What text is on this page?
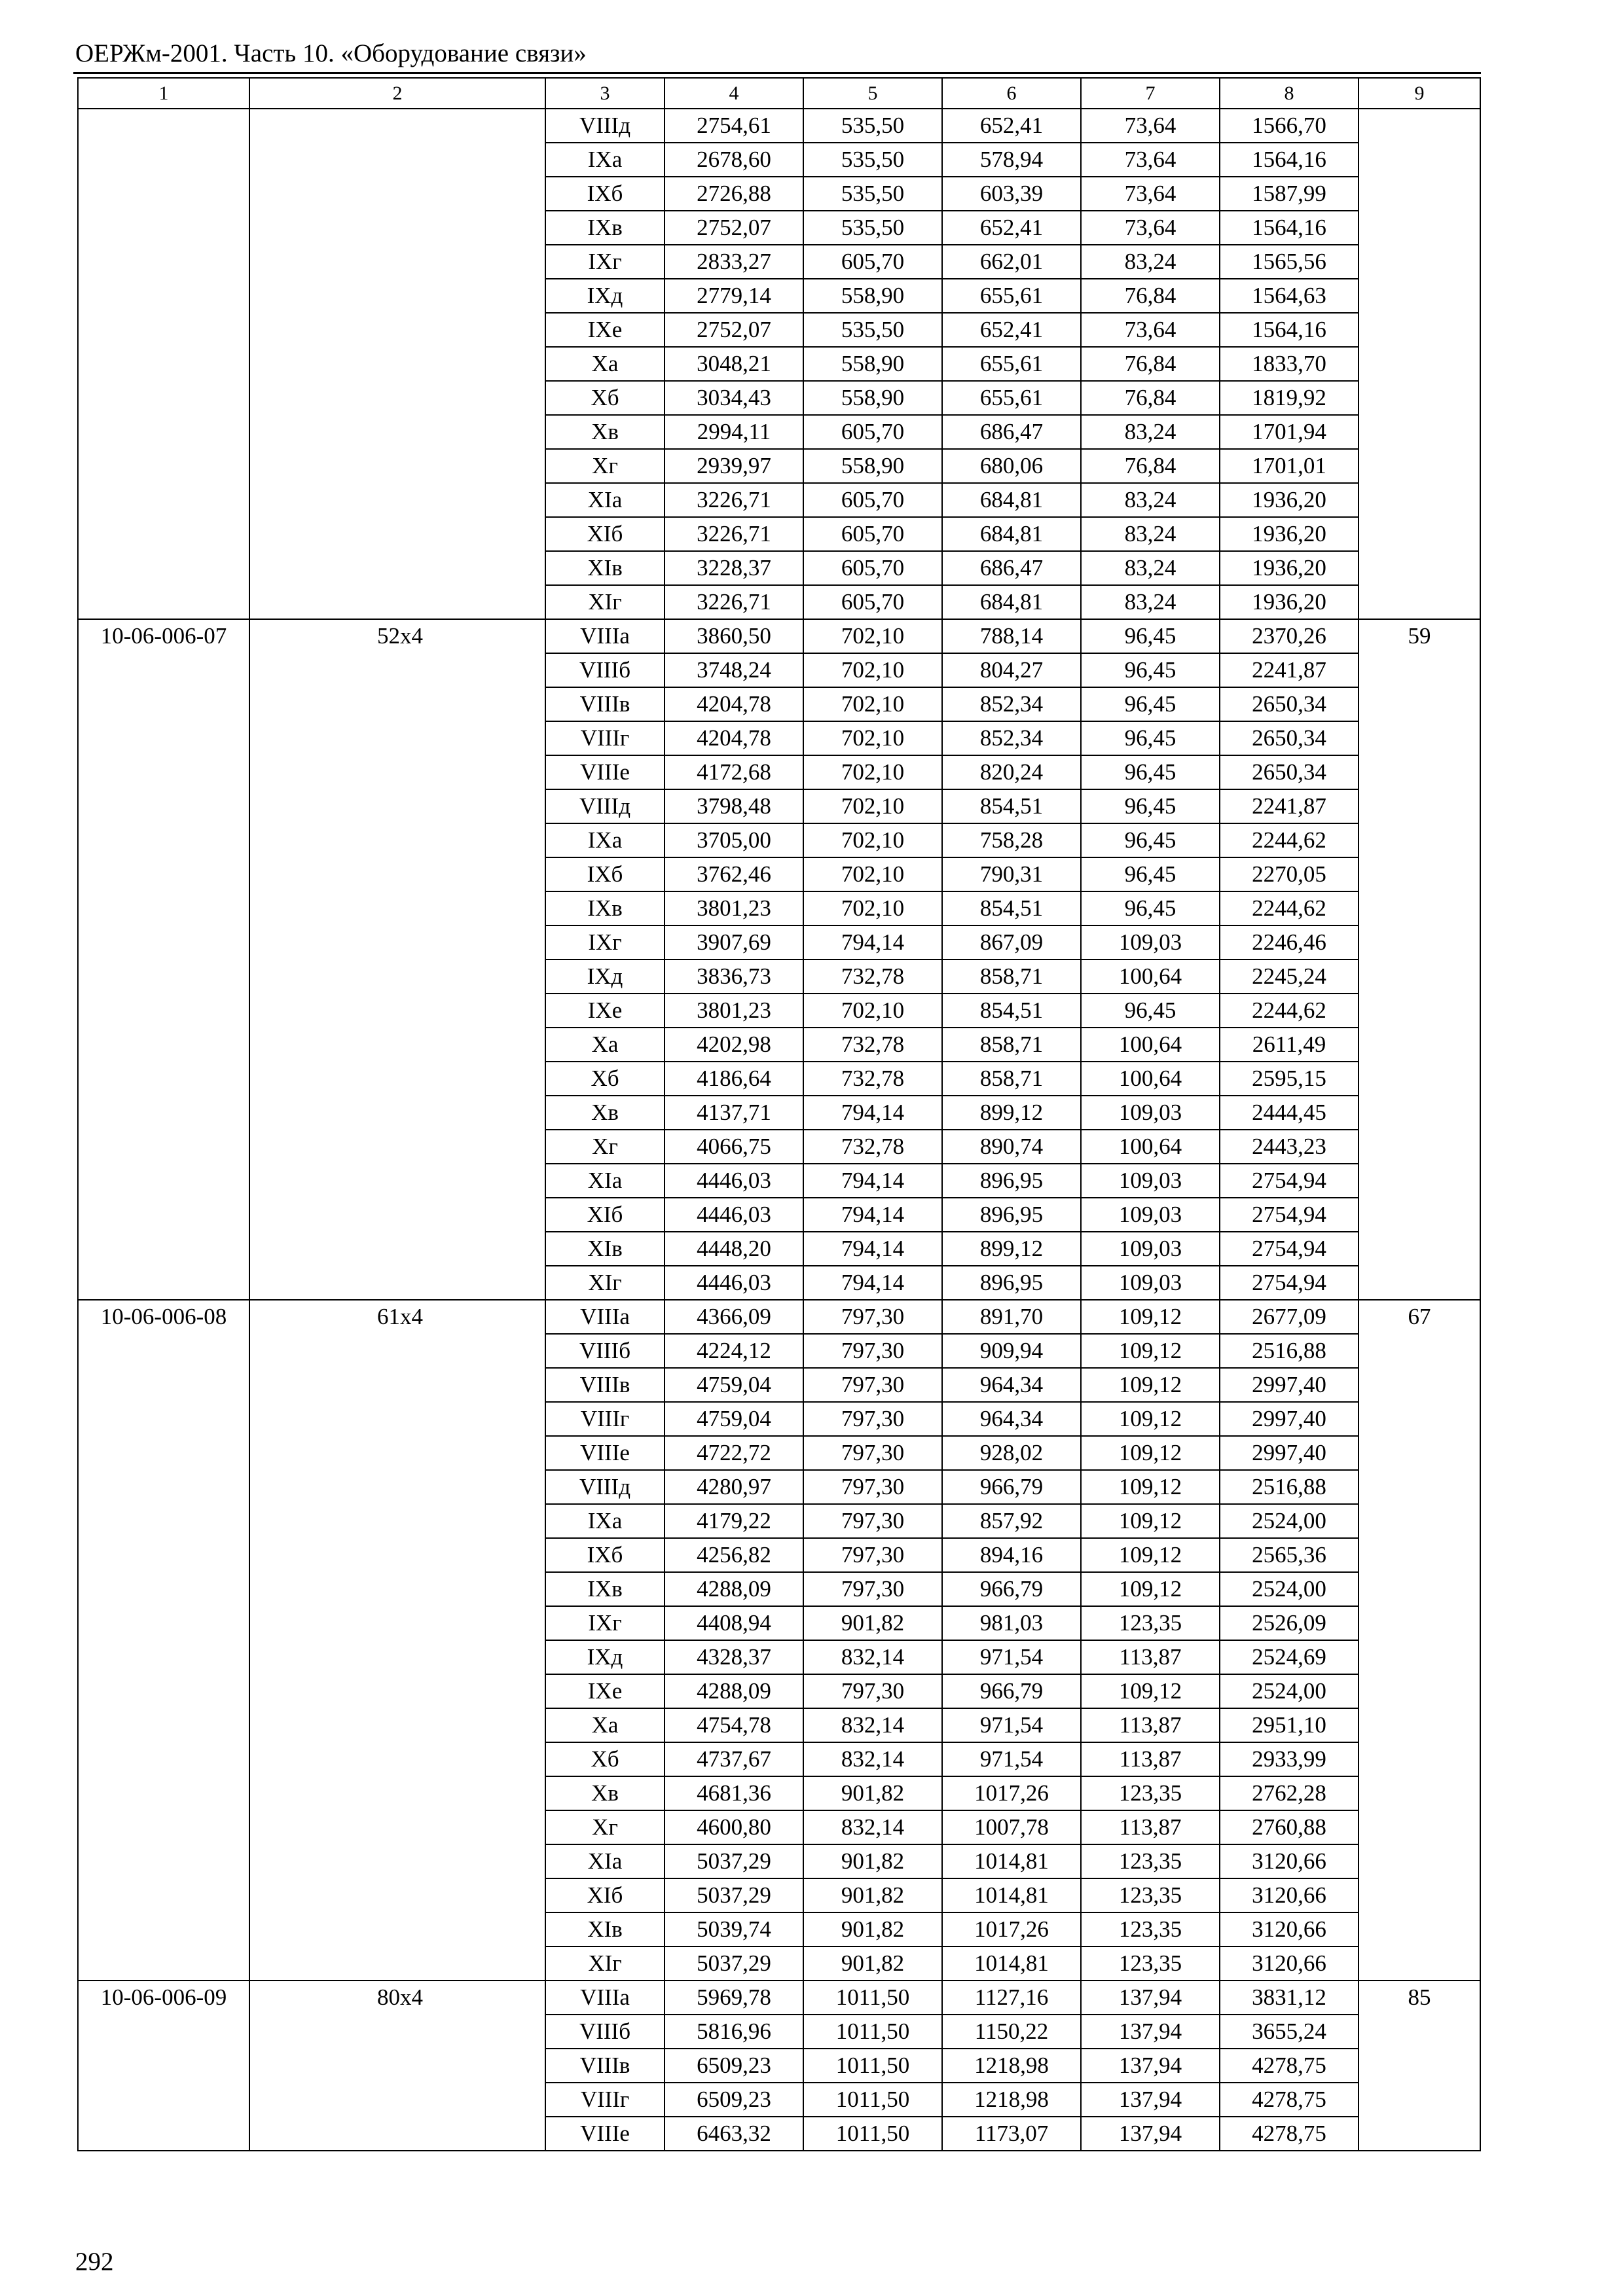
ОЕРЖм-2001. Часть 10. «Оборудование связи»
1	2	3	4	5	6	7	8	9
		VIIIд	2754,61	535,50	652,41	73,64	1566,70	
		IXа	2678,60	535,50	578,94	73,64	1564,16	
		IXб	2726,88	535,50	603,39	73,64	1587,99	
		IXв	2752,07	535,50	652,41	73,64	1564,16	
		IXг	2833,27	605,70	662,01	83,24	1565,56	
		IXд	2779,14	558,90	655,61	76,84	1564,63	
		IXе	2752,07	535,50	652,41	73,64	1564,16	
		Xа	3048,21	558,90	655,61	76,84	1833,70	
		Xб	3034,43	558,90	655,61	76,84	1819,92	
		Xв	2994,11	605,70	686,47	83,24	1701,94	
		Xг	2939,97	558,90	680,06	76,84	1701,01	
		XIа	3226,71	605,70	684,81	83,24	1936,20	
		XIб	3226,71	605,70	684,81	83,24	1936,20	
		XIв	3228,37	605,70	686,47	83,24	1936,20	
		XIг	3226,71	605,70	684,81	83,24	1936,20	
10-06-006-07	52x4	VIIIа	3860,50	702,10	788,14	96,45	2370,26	59
		VIIIб	3748,24	702,10	804,27	96,45	2241,87	
		VIIIв	4204,78	702,10	852,34	96,45	2650,34	
		VIIIг	4204,78	702,10	852,34	96,45	2650,34	
		VIIIе	4172,68	702,10	820,24	96,45	2650,34	
		VIIIд	3798,48	702,10	854,51	96,45	2241,87	
		IXа	3705,00	702,10	758,28	96,45	2244,62	
		IXб	3762,46	702,10	790,31	96,45	2270,05	
		IXв	3801,23	702,10	854,51	96,45	2244,62	
		IXг	3907,69	794,14	867,09	109,03	2246,46	
		IXд	3836,73	732,78	858,71	100,64	2245,24	
		IXе	3801,23	702,10	854,51	96,45	2244,62	
		Xа	4202,98	732,78	858,71	100,64	2611,49	
		Xб	4186,64	732,78	858,71	100,64	2595,15	
		Xв	4137,71	794,14	899,12	109,03	2444,45	
		Xг	4066,75	732,78	890,74	100,64	2443,23	
		XIа	4446,03	794,14	896,95	109,03	2754,94	
		XIб	4446,03	794,14	896,95	109,03	2754,94	
		XIв	4448,20	794,14	899,12	109,03	2754,94	
		XIг	4446,03	794,14	896,95	109,03	2754,94	
10-06-006-08	61x4	VIIIа	4366,09	797,30	891,70	109,12	2677,09	67
		VIIIб	4224,12	797,30	909,94	109,12	2516,88	
		VIIIв	4759,04	797,30	964,34	109,12	2997,40	
		VIIIг	4759,04	797,30	964,34	109,12	2997,40	
		VIIIе	4722,72	797,30	928,02	109,12	2997,40	
		VIIIд	4280,97	797,30	966,79	109,12	2516,88	
		IXа	4179,22	797,30	857,92	109,12	2524,00	
		IXб	4256,82	797,30	894,16	109,12	2565,36	
		IXв	4288,09	797,30	966,79	109,12	2524,00	
		IXг	4408,94	901,82	981,03	123,35	2526,09	
		IXд	4328,37	832,14	971,54	113,87	2524,69	
		IXе	4288,09	797,30	966,79	109,12	2524,00	
		Xа	4754,78	832,14	971,54	113,87	2951,10	
		Xб	4737,67	832,14	971,54	113,87	2933,99	
		Xв	4681,36	901,82	1017,26	123,35	2762,28	
		Xг	4600,80	832,14	1007,78	113,87	2760,88	
		XIа	5037,29	901,82	1014,81	123,35	3120,66	
		XIб	5037,29	901,82	1014,81	123,35	3120,66	
		XIв	5039,74	901,82	1017,26	123,35	3120,66	
		XIг	5037,29	901,82	1014,81	123,35	3120,66	
10-06-006-09	80x4	VIIIа	5969,78	1011,50	1127,16	137,94	3831,12	85
		VIIIб	5816,96	1011,50	1150,22	137,94	3655,24	
		VIIIв	6509,23	1011,50	1218,98	137,94	4278,75	
		VIIIг	6509,23	1011,50	1218,98	137,94	4278,75	
		VIIIе	6463,32	1011,50	1173,07	137,94	4278,75	
292
